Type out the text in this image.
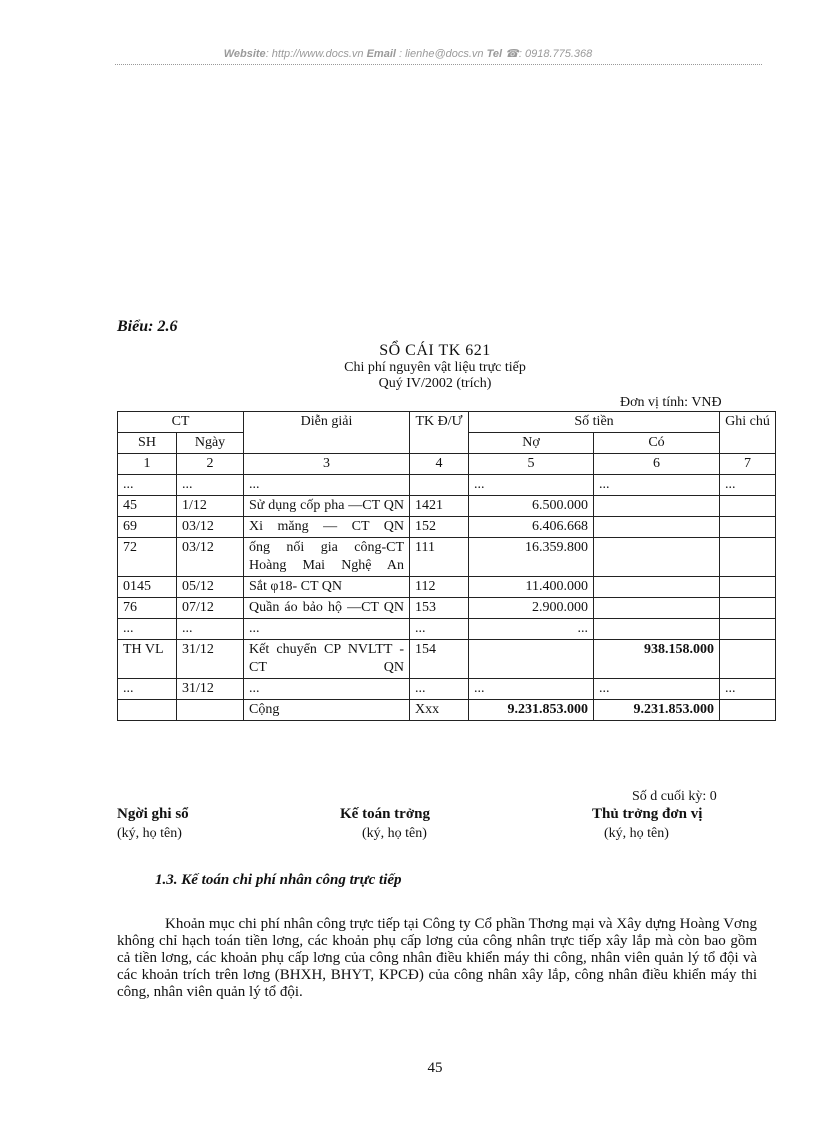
Website: http://www.docs.vn Email : lienhe@docs.vn Tel ☎: 0918.775.368
Biểu: 2.6
SỔ CÁI TK 621
Chi phí nguyên vật liệu trực tiếp
Quý IV/2002 (trích)
Đơn vị tính: VNĐ
CT		Diễn giải	TK Đ/Ư	Số tiền		Ghi chú
SH	Ngày			Nợ	Có	
1	2	3	4	5	6	7
...	...	...		...	...	...
45	1/12	Sử dụng cốp pha —CT QN	1421	6.500.000		
69	03/12	Xi măng — CT QN	152	6.406.668		
72	03/12	ống nối gia công-CT Hoàng Mai Nghệ An	111	16.359.800		
0145	05/12	Sắt φ18- CT QN	112	11.400.000		
76	07/12	Quần áo bảo hộ —CT QN	153	2.900.000		
...	...	...	...	...		
TH VL	31/12	Kết chuyển CP NVLTT - CT QN	154		938.158.000	
...	31/12	...	...	...	...	...
		Cộng	Xxx	9.231.853.000	9.231.853.000	
Số d cuối kỳ: 0
Ngời ghi sổ
(ký, họ tên)
Kế toán trởng
(ký, họ tên)
Thủ trởng đơn vị
(ký, họ tên)
1.3. Kế toán chi phí nhân công trực tiếp
Khoản mục chi phí nhân công trực tiếp tại Công ty Cổ phần Thơng mại và Xây dựng Hoàng Vơng không chỉ hạch toán tiền lơng, các khoản phụ cấp lơng của công nhân trực tiếp xây lắp mà còn bao gồm cả tiền lơng, các khoản phụ cấp lơng của công nhân điều khiển máy thi công, nhân viên quản lý tổ đội và các khoản trích trên lơng (BHXH, BHYT, KPCĐ) của công nhân xây lắp, công nhân điều khiển máy thi công, nhân viên quản lý tổ đội.
45
